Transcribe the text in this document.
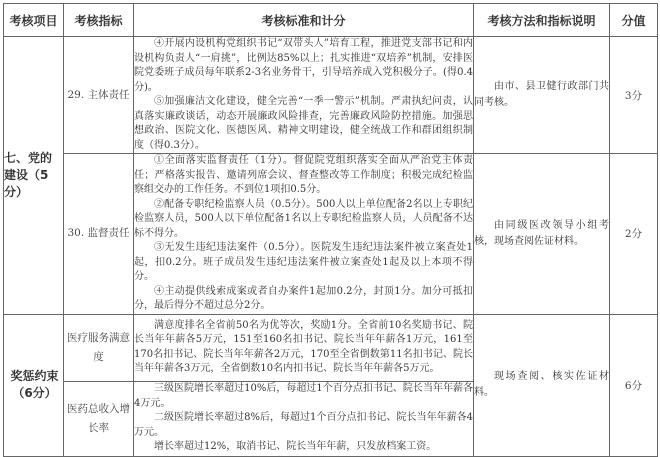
考核项目	考核指标	考核标准和计分	考核方法和指标说明	分值
七、党的建设（5分）	29. 主体责任	④开展内设机构党组织书记“双带头人”培育工程，推进党支部书记和内设机构负责人“一肩挑”，比例达85%以上；扎实推进“双培养”机制，安排医院党委班子成员每年联系2-3名业务骨干，引导培养成入党积极分子。(得0.4分)。

⑤加强廉洁文化建设，健全完善“一季一警示”机制。严肃执纪问责，认真落实廉政谈话，动态开展廉政风险排查，完善廉政风险防控措施。加强思想政治、医院文化、医德医风、精神文明建设，健全统战工作和群团组织制度（得0.3分）。	由市、县卫健行政部门共同考核。	3分
	30. 监督责任	①全面落实监督责任（1分）。督促院党组织落实全面从严治党主体责任；严格落实报告、邀请列席会议、督查整改等工作制度；积极完成纪检监察组交办的工作任务。不到位1项扣0.5分。

②配备专职纪检监察人员（0.5分）。500人以上单位配备2名以上专职纪检监察人员，500人以下单位配备1名以上专职纪检监察人员，人员配备不达标不得分。

③无发生违纪违法案件（0.5分）。医院发生违纪违法案件被立案查处1起，扣0.2分。班子成员发生违纪违法案件被立案查处1起及以上本项不得分。

④主动提供线索成案或者自办案件1起加0.2分，封顶1分。加分可抵扣分，最后得分不超过总分2分。	由同级医改领导小组考核，现场查阅佐证材料。	2分
奖惩约束（6分）	医疗服务满意度	满意度排名全省前50名为优等次，奖励1分。全省前10名奖励书记、院长当年年薪各5万元，151至160名扣书记、院长当年年薪各1万元，161至170名扣书记、院长当年年薪各2万元，170至全省倒数第11名扣书记、院长当年年薪各3万元，全省倒数10名内扣书记、院长当年年薪各5万元。	现场查阅、核实佐证材料。	6分
	医药总收入增长率	三级医院增长率超过10%后，每超过1个百分点扣书记、院长当年年薪各4万元。

二级医院增长率超过8%后，每超过1个百分点扣书记、院长当年年薪各4万元。

增长率超过12%，取消书记、院长当年年薪，只发放档案工资。		
